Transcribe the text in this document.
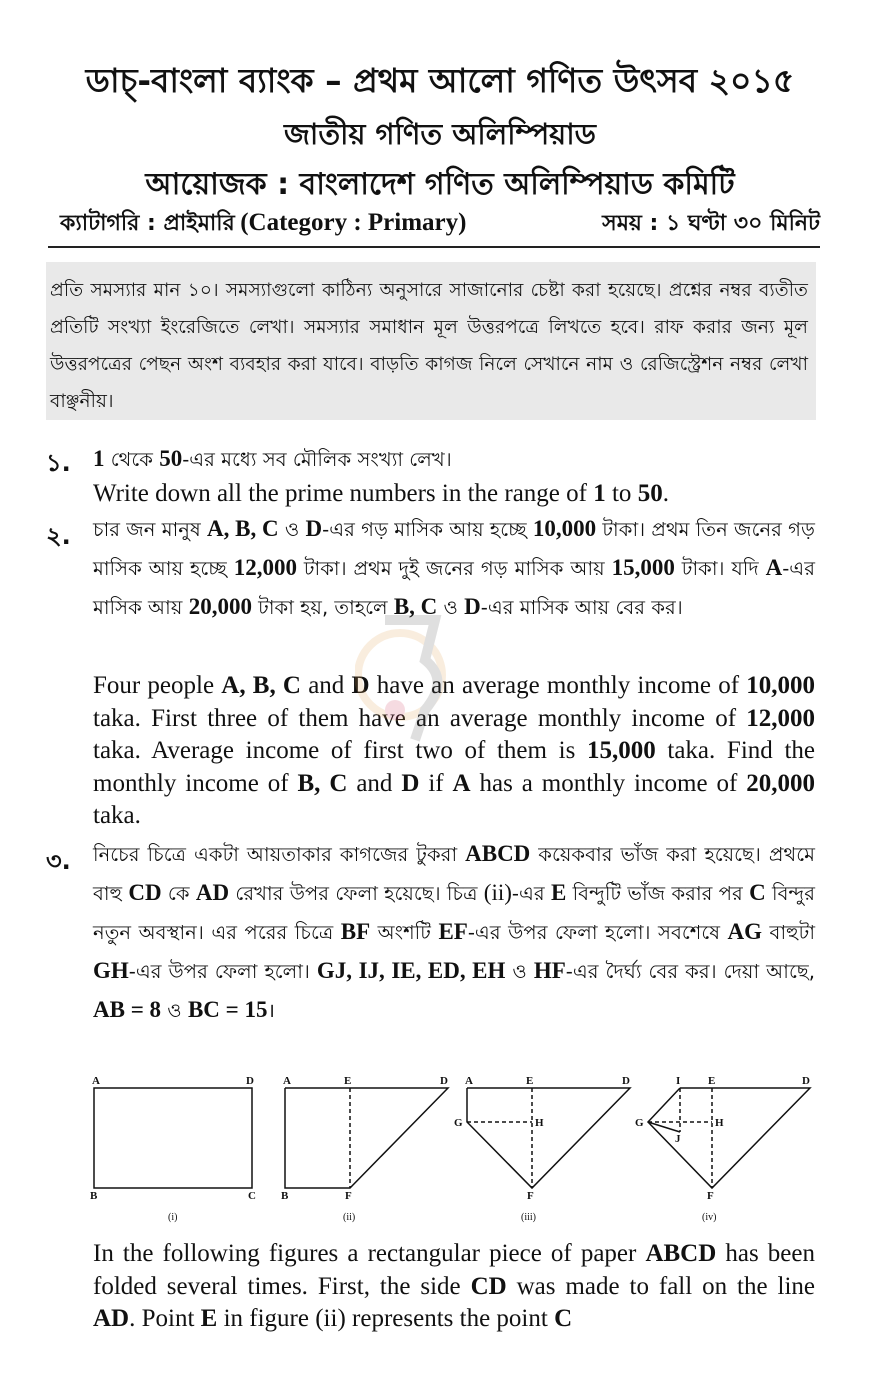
ডাচ্-বাংলা ব্যাংক – প্রথম আলো গণিত উৎসব ২০১৫
জাতীয় গণিত অলিম্পিয়াড
আয়োজক : বাংলাদেশ গণিত অলিম্পিয়াড কমিটি
ক্যাটাগরি : প্রাইমারি (Category : Primary)	সময় : ১ ঘণ্টা ৩০ মিনিট

প্রতি সমস্যার মান ১০। সমস্যাগুলো কাঠিন্য অনুসারে সাজানোর চেষ্টা করা হয়েছে। প্রশ্নের নম্বর ব্যতীত প্রতিটি সংখ্যা ইংরেজিতে লেখা। সমস্যার সমাধান মূল উত্তরপত্রে লিখতে হবে। রাফ করার জন্য মূল উত্তরপত্রের পেছন অংশ ব্যবহার করা যাবে। বাড়তি কাগজ নিলে সেখানে নাম ও রেজিস্ট্রেশন নম্বর লেখা বাঞ্ছনীয়।

১. 1 থেকে 50-এর মধ্যে সব মৌলিক সংখ্যা লেখ।
Write down all the prime numbers in the range of 1 to 50.
২. চার জন মানুষ A, B, C ও D-এর গড় মাসিক আয় হচ্ছে 10,000 টাকা। প্রথম তিন জনের গড় মাসিক আয় হচ্ছে 12,000 টাকা। প্রথম দুই জনের গড় মাসিক আয় 15,000 টাকা। যদি A-এর মাসিক আয় 20,000 টাকা হয়, তাহলে B, C ও D-এর মাসিক আয় বের কর।
Four people A, B, C and D have an average monthly income of 10,000 taka. First three of them have an average monthly income of 12,000 taka. Average income of first two of them is 15,000 taka. Find the monthly income of B, C and D if A has a monthly income of 20,000 taka.
৩. নিচের চিত্রে একটা আয়তাকার কাগজের টুকরা ABCD কয়েকবার ভাঁজ করা হয়েছে। প্রথমে বাহু CD কে AD রেখার উপর ফেলা হয়েছে। চিত্র (ii)-এর E বিন্দুটি ভাঁজ করার পর C বিন্দুর নতুন অবস্থান। এর পরের চিত্রে BF অংশটি EF-এর উপর ফেলা হলো। সবশেষে AG বাহুটা GH-এর উপর ফেলা হলো। GJ, IJ, IE, ED, EH ও HF-এর দৈর্ঘ্য বের কর। দেয়া আছে, AB = 8 ও BC = 15।
A	D
B	C
(i)
A	E	D
B	F
(ii)
A	E	D
G	H
F
(iii)
I	E	D
G
J
H
F
(iv)
In the following figures a rectangular piece of paper ABCD has been folded several times. First, the side CD was made to fall on the line AD. Point E in figure (ii) represents the point C
